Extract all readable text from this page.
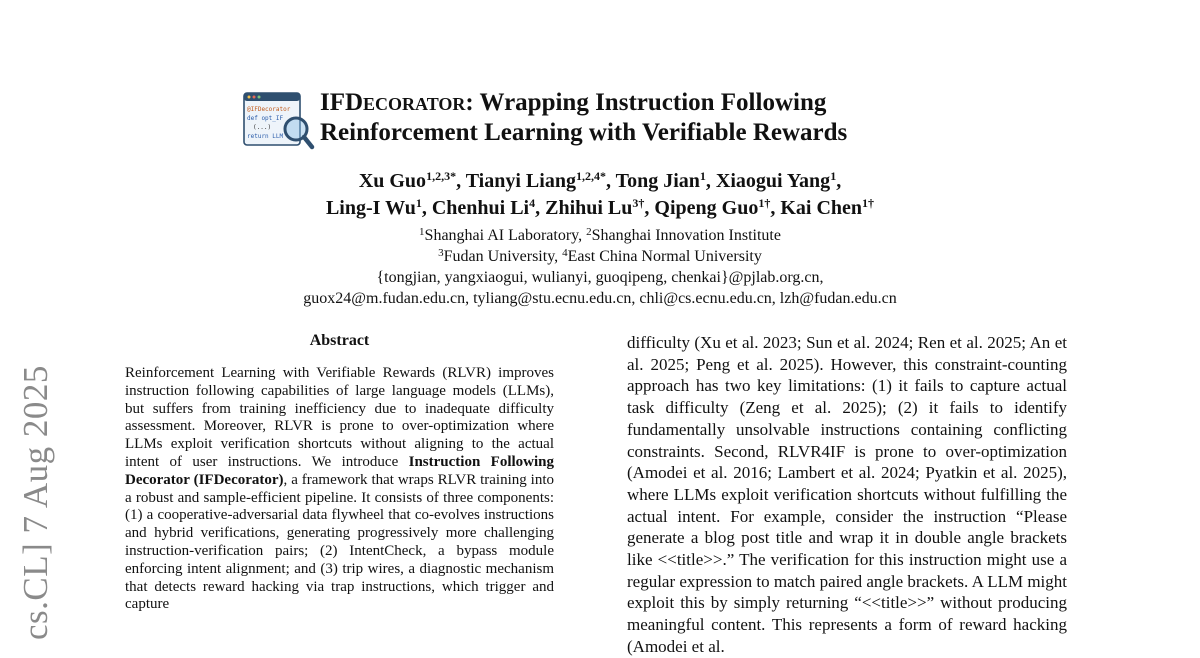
@IFDecorator
def opt_IF
(...)
return LLM
IFDecorator: Wrapping Instruction Following
Reinforcement Learning with Verifiable Rewards
Xu Guo$^{1,2,3*}$, Tianyi Liang$^{1,2,4*}$, Tong Jian$^1$, Xiaogui Yang$^1$,
Ling-I Wu$^1$, Chenhui Li$^4$, Zhihui $Lu^{3\dagger}$, Qipeng Guo$^{1\dagger}$, Kai Chen$^{1\dagger}$
$^1$Shanghai AI Laboratory, $^2$Shanghai Innovation Institute
$^3$Fudan University, $^4$East China Normal University
{tongjian, yangxiaogui, wulianyi, guoqipeng, chenkai}@pjlab.org.cn,
guox24@m.fudan.edu.cn, tyliang@stu.ecnu.edu.cn, chli@cs.ecnu.edu.cn, lzh@fudan.edu.cn
cs.CL] 7 Aug 2025
Abstract
Reinforcement Learning with Verifiable Rewards (RLVR) improves instruction following capabilities of large language models (LLMs), but suffers from training inefficiency due to inadequate difficulty assessment. Moreover, RLVR is prone to over-optimization where LLMs exploit verification shortcuts without aligning to the actual intent of user instructions. We introduce Instruction Following Decorator (IFDecorator), a framework that wraps RLVR training into a robust and sample-efficient pipeline. It consists of three components: (1) a cooperative-adversarial data flywheel that co-evolves instructions and hybrid verifications, generating progressively more challenging instruction-verification pairs; (2) IntentCheck, a bypass module enforcing intent alignment; and (3) trip wires, a diagnostic mechanism that detects reward hacking via trap instructions, which trigger and capture
difficulty (Xu et al. 2023; Sun et al. 2024; Ren et al. 2025; An et al. 2025; Peng et al. 2025). However, this constraint-counting approach has two key limitations: (1) it fails to capture actual task difficulty (Zeng et al. 2025); (2) it fails to identify fundamentally unsolvable instructions containing conflicting constraints. Second, RLVR4IF is prone to over-optimization (Amodei et al. 2016; Lambert et al. 2024; Pyatkin et al. 2025), where LLMs exploit verification shortcuts without fulfilling the actual intent. For example, consider the instruction “Please generate a blog post title and wrap it in double angle brackets like <<title>>.” The verification for this instruction might use a regular expression to match paired angle brackets. A LLM might exploit this by simply returning “<<title>>” without producing meaningful content. This represents a form of reward hacking (Amodei et al.
